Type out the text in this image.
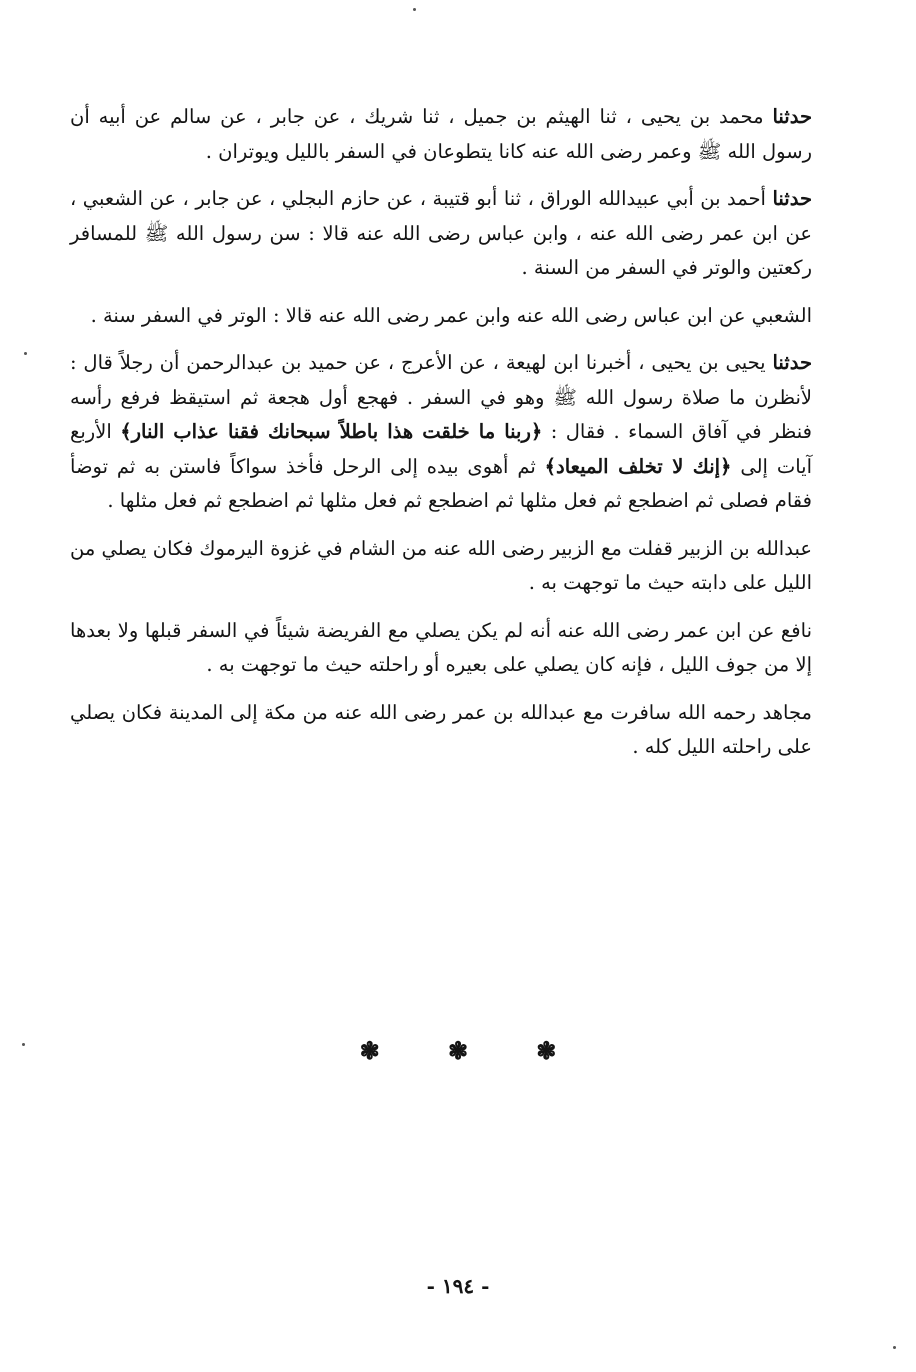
حدثنا محمد بن يحيى ، ثنا الهيثم بن جميل ، ثنا شريك ، عن جابر ، عن سالم عن أبيه أن رسول الله ﷺ وعمر رضى الله عنه كانا يتطوعان في السفر بالليل ويوتران .

حدثنا أحمد بن أبي عبيدالله الوراق ، ثنا أبو قتيبة ، عن حازم البجلي ، عن جابر ، عن الشعبي ، عن ابن عمر رضى الله عنه ، وابن عباس رضى الله عنه قالا : سن رسول الله ﷺ للمسافر ركعتين والوتر في السفر من السنة .

الشعبي عن ابن عباس رضى الله عنه وابن عمر رضى الله عنه قالا : الوتر في السفر سنة .

حدثنا يحيى بن يحيى ، أخبرنا ابن لهيعة ، عن الأعرج ، عن حميد بن عبدالرحمن أن رجلاً قال : لأنظرن ما صلاة رسول الله ﷺ وهو في السفر . فهجع أول هجعة ثم استيقظ فرفع رأسه فنظر في آفاق السماء . فقال : ﴿ربنا ما خلقت هذا باطلاً سبحانك فقنا عذاب النار﴾ الأربع آيات إلى ﴿إنك لا تخلف الميعاد﴾ ثم أهوى بيده إلى الرحل فأخذ سواكاً فاستن به ثم توضأ فقام فصلى ثم اضطجع ثم فعل مثلها ثم اضطجع ثم فعل مثلها ثم اضطجع ثم فعل مثلها .

عبدالله بن الزبير قفلت مع الزبير رضى الله عنه من الشام في غزوة اليرموك فكان يصلي من الليل على دابته حيث ما توجهت به .

نافع عن ابن عمر رضى الله عنه أنه لم يكن يصلي مع الفريضة شيئاً في السفر قبلها ولا بعدها إلا من جوف الليل ، فإنه كان يصلي على بعيره أو راحلته حيث ما توجهت به .

مجاهد رحمه الله سافرت مع عبدالله بن عمر رضى الله عنه من مكة إلى المدينة فكان يصلي على راحلته الليل كله .

❃	❃	❃
- ١٩٤ -
